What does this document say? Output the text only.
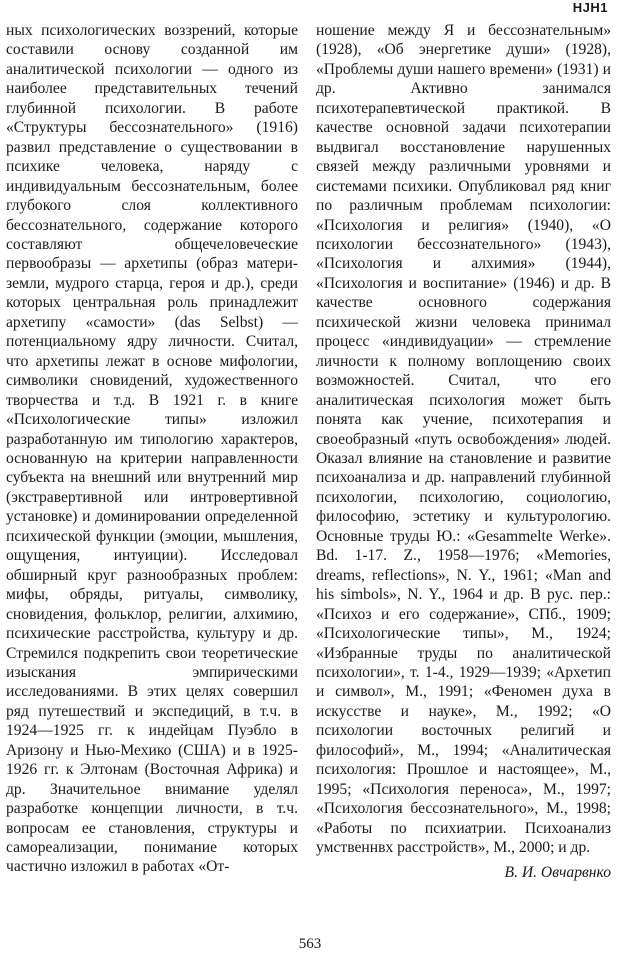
HJH1

ных психологических воззрений, которые составили основу созданной им аналитической психологии — одного из наиболее представительных течений глубинной психологии. В работе «Структуры бессознательного» (1916) развил представление о существовании в психике человека, наряду с индивидуальным бессознательным, более глубокого слоя коллективного бессознательного, содержание которого составляют общечеловеческие первообразы — архетипы (образ матери-земли, мудрого старца, героя и др.), среди которых центральная роль принадлежит архетипу «самости» (das Selbst) — потенциальному ядру личности. Считал, что архетипы лежат в основе мифологии, символики сновидений, художественного творчества и т.д. В 1921 г. в книге «Психологические типы» изложил разработанную им типологию характеров, основанную на критерии направленности субъекта на внешний или внутренний мир (экстравертивной или интровертивной установке) и доминировании определенной психической функции (эмоции, мышления, ощущения, интуиции). Исследовал обширный круг разнообразных проблем: мифы, обряды, ритуалы, символику, сновидения, фольклор, религии, алхимию, психические расстройства, культуру и др. Стремился подкрепить свои теоретические изыскания эмпирическими исследованиями. В этих целях совершил ряд путешествий и экспедиций, в т.ч. в 1924—1925 гг. к индейцам Пуэбло в Аризону и Нью-Мехико (США) и в 1925-1926 гг. к Элтонам (Восточная Африка) и др. Значительное внимание уделял разработке концепции личности, в т.ч. вопросам ее становления, структуры и самореализации, понимание которых частично изложил в работах «От-

ношение между Я и бессознательным» (1928), «Об энергетике души» (1928), «Проблемы души нашего времени» (1931) и др. Активно занимался психотерапевтической практикой. В качестве основной задачи психотерапии выдвигал восстановление нарушенных связей между различными уровнями и системами психики. Опубликовал ряд книг по различным проблемам психологии: «Психология и религия» (1940), «О психологии бессознательного» (1943), «Психология и алхимия» (1944), «Психология и воспитание» (1946) и др. В качестве основного содержания психической жизни человека принимал процесс «индивидуации» — стремление личности к полному воплощению своих возможностей. Считал, что его аналитическая психология может быть понята как учение, психотерапия и своеобразный «путь освобождения» людей. Оказал влияние на становление и развитие психоанализа и др. направлений глубинной психологии, психологию, социологию, философию, эстетику и культурологию. Основные труды Ю.: «Gesammelte Werke». Bd. 1-17. Z., 1958—1976; «Memories, dreams, reflections», N. Y., 1961; «Man and his simbols», N. Y., 1964 и др. В рус. пер.: «Психоз и его содержание», СПб., 1909; «Психологические типы», М., 1924; «Избранные труды по аналитической психологии», т. 1-4., 1929—1939; «Архетип и символ», М., 1991; «Феномен духа в искусстве и науке», М., 1992; «О психологии восточных религий и философий», М., 1994; «Аналитическая психология: Прошлое и настоящее», М., 1995; «Психология переноса», М., 1997; «Психология бессознательного», М., 1998; «Работы по психиатрии. Психоанализ умственнвх расстройств», М., 2000; и др.

В. И. Овчарвнко

563
